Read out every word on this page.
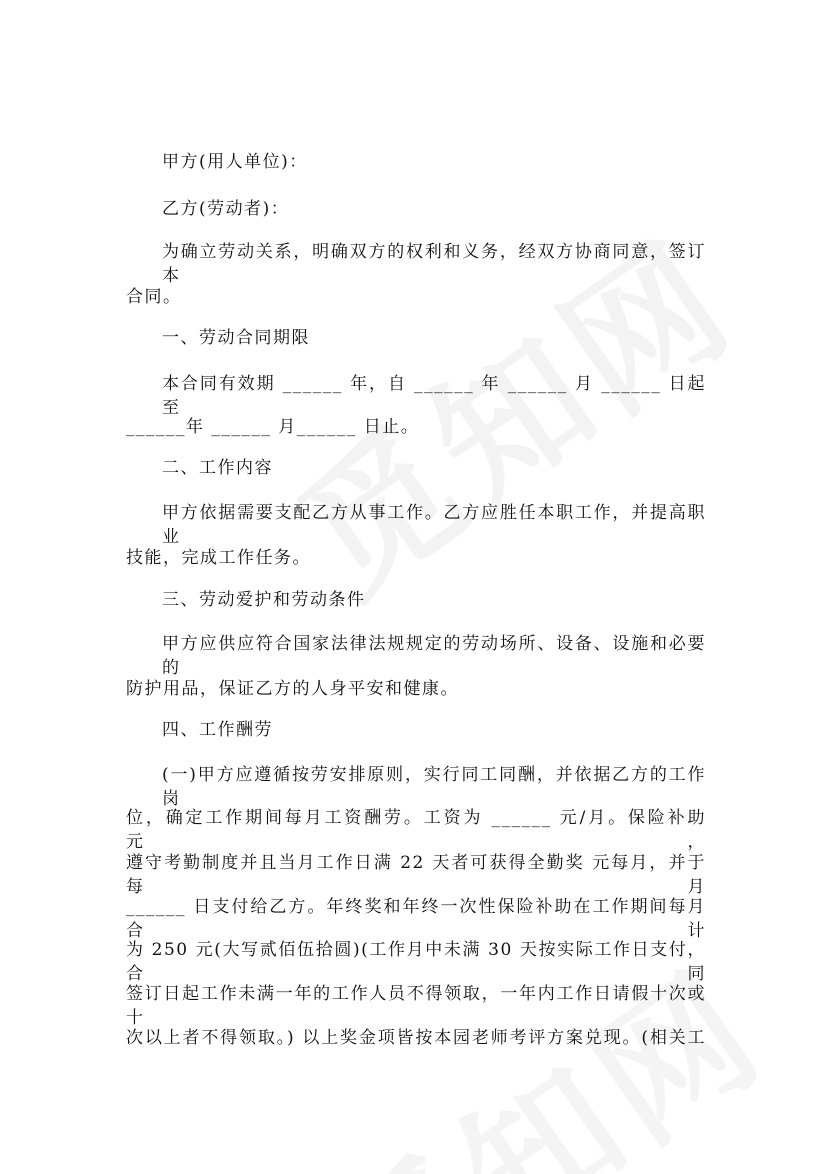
甲方(用人单位)：
乙方(劳动者)：
为确立劳动关系，明确双方的权利和义务，经双方协商同意，签订本
合同。
一、劳动合同期限
本合同有效期 ______ 年，自 ______ 年 ______ 月 ______ 日起至
______年 ______ 月______ 日止。
二、工作内容
甲方依据需要支配乙方从事工作。乙方应胜任本职工作，并提高职业
技能，完成工作任务。
三、劳动爱护和劳动条件
甲方应供应符合国家法律法规规定的劳动场所、设备、设施和必要的
防护用品，保证乙方的人身平安和健康。
四、工作酬劳
(一)甲方应遵循按劳安排原则，实行同工同酬，并依据乙方的工作岗
位，确定工作期间每月工资酬劳。工资为 ______ 元/月。保险补助 元，
遵守考勤制度并且当月工作日满 22 天者可获得全勤奖 元每月，并于每月
______ 日支付给乙方。年终奖和年终一次性保险补助在工作期间每月合计
为 250 元(大写贰佰伍拾圆)(工作月中未满 30 天按实际工作日支付，合同
签订日起工作未满一年的工作人员不得领取，一年内工作日请假十次或十
次以上者不得领取。) 以上奖金项皆按本园老师考评方案兑现。(相关工
